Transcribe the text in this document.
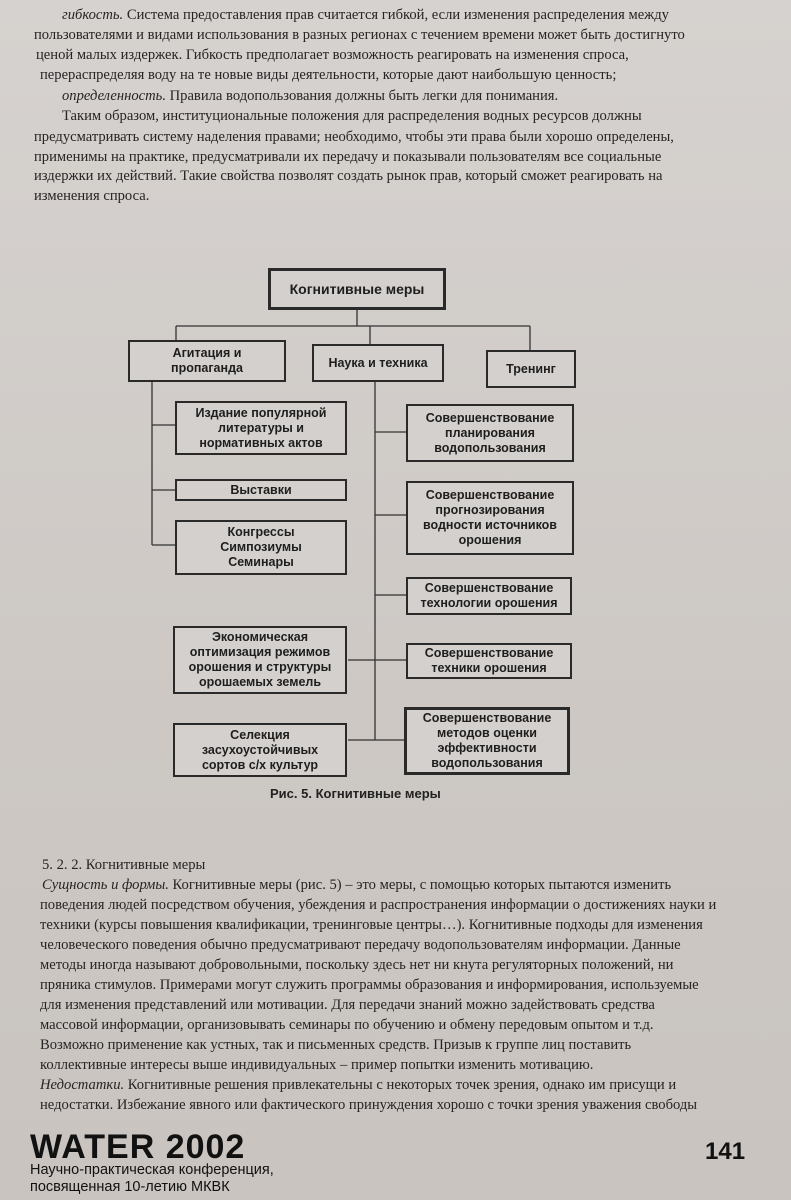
гибкость. Система предоставления прав считается гибкой, если изменения распределения между
пользователями и видами использования в разных регионах с течением времени может быть достигнуто
ценой малых издержек. Гибкость предполагает возможность реагировать на изменения спроса,
перераспределяя воду на те новые виды деятельности, которые дают наибольшую ценность;
определенность. Правила водопользования должны быть легки для понимания.
Таким образом, институциональные положения для распределения водных ресурсов должны
предусматривать систему наделения правами; необходимо, чтобы эти права были хорошо определены,
применимы на практике, предусматривали их передачу и показывали пользователям все социальные
издержки их действий. Такие свойства позволят создать рынок прав, который сможет реагировать на
изменения спроса.
Когнитивные меры
Агитация и
пропаганда	Наука и техника	Тренинг
Издание популярной
литературы и
нормативных актов
Выставки
Конгрессы
Симпозиумы
Семинары
Экономическая
оптимизация режимов
орошения и структуры
орошаемых земель
Селекция
засухоустойчивых
сортов с/х культур
Совершенствование
планирования
водопользования
Совершенствование
прогнозирования
водности источников
орошения
Совершенствование
технологии орошения
Совершенствование
техники орошения
Совершенствование
методов оценки
эффективности
водопользования
Рис. 5. Когнитивные меры
5. 2. 2. Когнитивные меры
Сущность и формы. Когнитивные меры (рис. 5) – это меры, с помощью которых пытаются изменить
поведения людей посредством обучения, убеждения и распространения информации о достижениях науки и
техники (курсы повышения квалификации, тренинговые центры…). Когнитивные подходы для изменения
человеческого поведения обычно предусматривают передачу водопользователям информации. Данные
методы иногда называют добровольными, поскольку здесь нет ни кнута регуляторных положений, ни
пряника стимулов. Примерами могут служить программы образования и информирования, используемые
для изменения представлений или мотивации. Для передачи знаний можно задействовать средства
массовой информации, организовывать семинары по обучению и обмену передовым опытом и т.д.
Возможно применение как устных, так и письменных средств. Призыв к группе лиц поставить
коллективные интересы выше индивидуальных – пример попытки изменить мотивацию.
Недостатки. Когнитивные решения привлекательны с некоторых точек зрения, однако им присущи и
недостатки. Избежание явного или фактического принуждения хорошо с точки зрения уважения свободы
WATER 2002
Научно-практическая конференция,
посвященная 10-летию МКВК
141
